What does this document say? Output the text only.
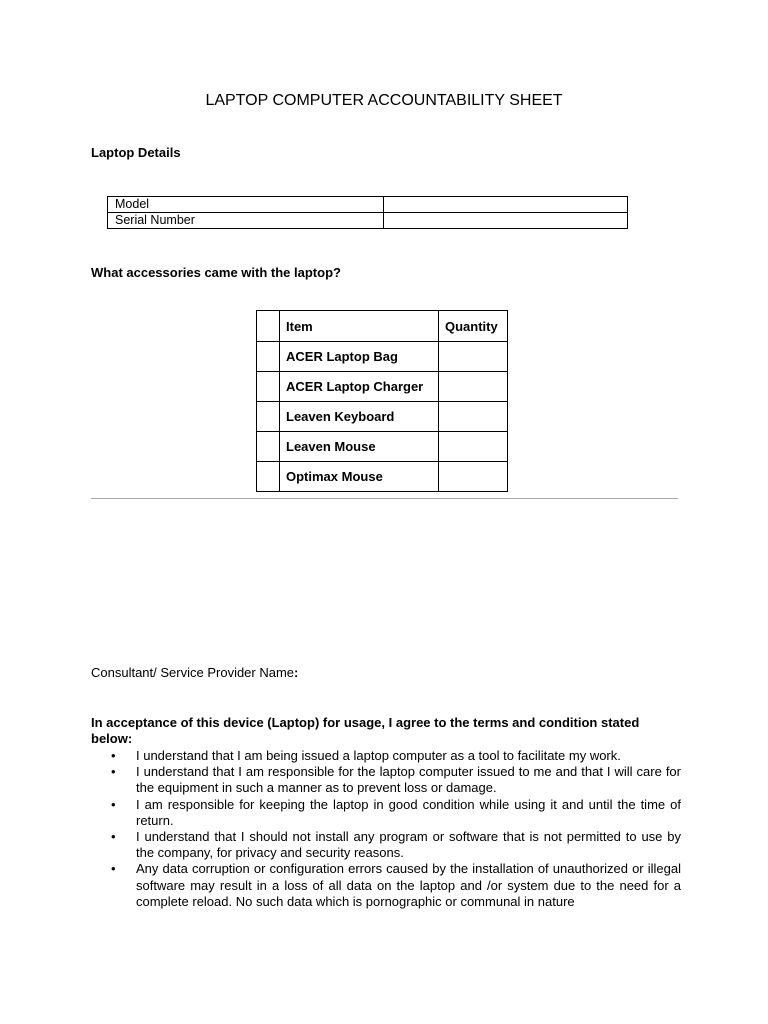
LAPTOP COMPUTER ACCOUNTABILITY SHEET
Laptop Details
Model	
Serial Number	
What accessories came with the laptop?
	Item	Quantity
	ACER Laptop Bag	
	ACER Laptop Charger	
	Leaven Keyboard	
	Leaven Mouse	
	Optimax Mouse	
Consultant/ Service Provider Name:
In acceptance of this device (Laptop) for usage, I agree to the terms and condition stated below:
• I understand that I am being issued a laptop computer as a tool to facilitate my work.
• I understand that I am responsible for the laptop computer issued to me and that I will care for the equipment in such a manner as to prevent loss or damage.
• I am responsible for keeping the laptop in good condition while using it and until the time of return.
• I understand that I should not install any program or software that is not permitted to use by the company, for privacy and security reasons.
• Any data corruption or configuration errors caused by the installation of unauthorized or illegal software may result in a loss of all data on the laptop and /or system due to the need for a complete reload. No such data which is pornographic or communal in nature
